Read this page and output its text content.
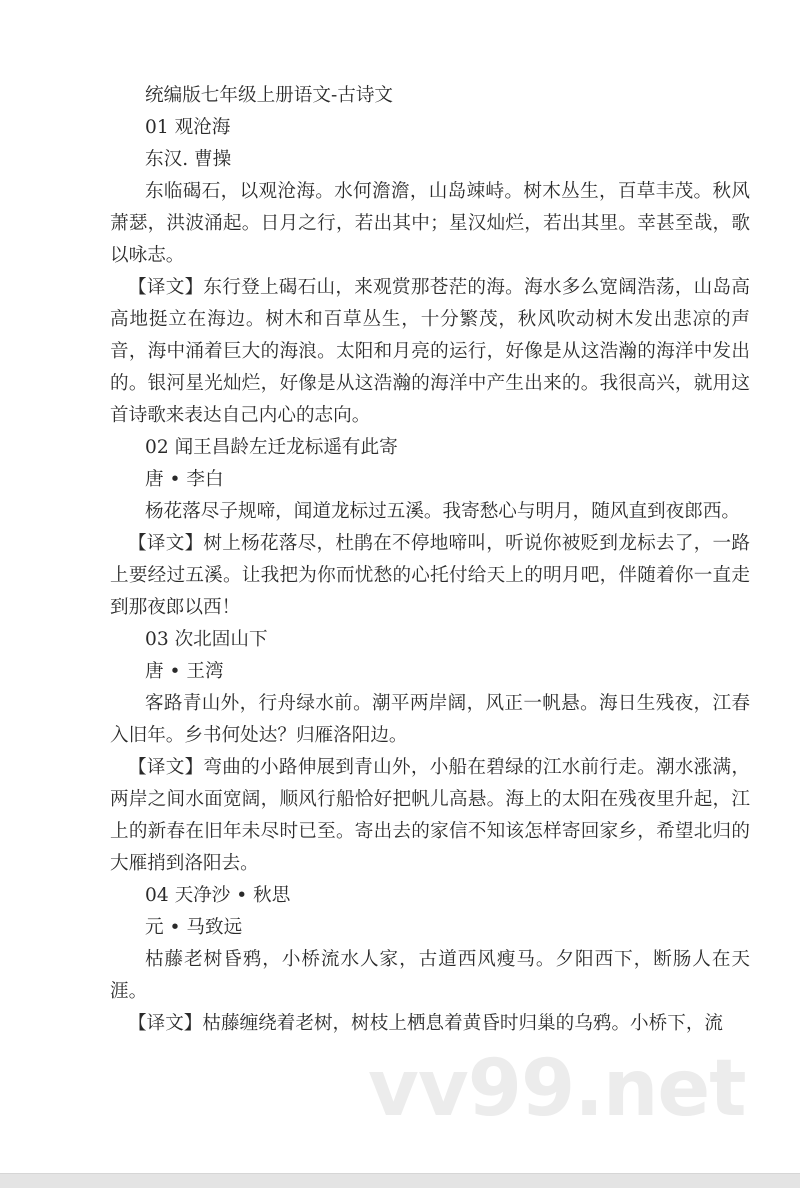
统编版七年级上册语文-古诗文

01 观沧海

东汉. 曹操

东临碣石，以观沧海。水何澹澹，山岛竦峙。树木丛生，百草丰茂。秋风萧瑟，洪波涌起。日月之行，若出其中；星汉灿烂，若出其里。幸甚至哉，歌以咏志。

【译文】东行登上碣石山，来观赏那苍茫的海。海水多么宽阔浩荡，山岛高高地挺立在海边。树木和百草丛生，十分繁茂，秋风吹动树木发出悲凉的声音，海中涌着巨大的海浪。太阳和月亮的运行，好像是从这浩瀚的海洋中发出的。银河星光灿烂，好像是从这浩瀚的海洋中产生出来的。我很高兴，就用这首诗歌来表达自己内心的志向。

02 闻王昌龄左迁龙标遥有此寄

唐 • 李白

杨花落尽子规啼，闻道龙标过五溪。我寄愁心与明月，随风直到夜郎西。

【译文】树上杨花落尽，杜鹃在不停地啼叫，听说你被贬到龙标去了，一路上要经过五溪。让我把为你而忧愁的心托付给天上的明月吧，伴随着你一直走到那夜郎以西！

03 次北固山下

唐 • 王湾

客路青山外，行舟绿水前。潮平两岸阔，风正一帆悬。海日生残夜，江春入旧年。乡书何处达？归雁洛阳边。

【译文】弯曲的小路伸展到青山外，小船在碧绿的江水前行走。潮水涨满，两岸之间水面宽阔，顺风行船恰好把帆儿高悬。海上的太阳在残夜里升起，江上的新春在旧年未尽时已至。寄出去的家信不知该怎样寄回家乡，希望北归的大雁捎到洛阳去。

04 天净沙 • 秋思

元 • 马致远

枯藤老树昏鸦，小桥流水人家，古道西风瘦马。夕阳西下，断肠人在天涯。

【译文】枯藤缠绕着老树，树枝上栖息着黄昏时归巢的乌鸦。小桥下，流

vv99.net
